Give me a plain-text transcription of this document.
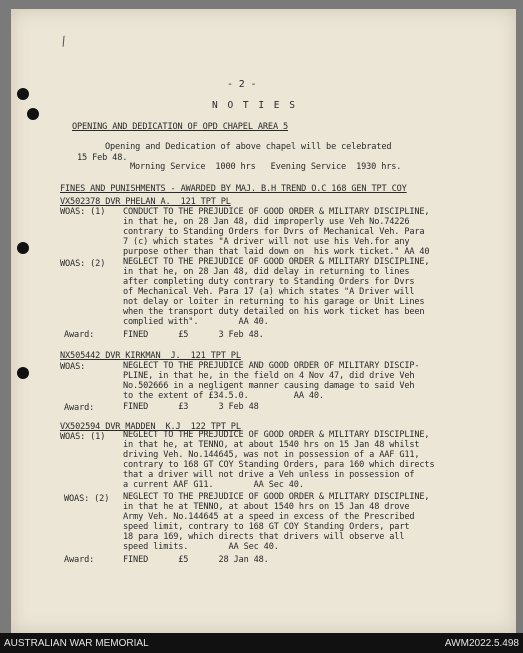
/
- 2 -
N O T I E S
OPENING AND DEDICATION OF OPD CHAPEL AREA 5
Opening and Dedication of above chapel will be celebrated
15 Feb 48.
Morning Service  1000 hrs   Evening Service  1930 hrs.
FINES AND PUNISHMENTS - AWARDED BY MAJ. B.H TREND O.C 168 GEN TPT COY
VX502378 DVR PHELAN A.  121 TPT PL
WOAS: (1) CONDUCT TO THE PREJUDICE OF GOOD ORDER & MILITARY DISCIPLINE,
in that he, on 28 Jan 48, did improperly use Veh No.74226
contrary to Standing Orders for Dvrs of Mechanical Veh. Para
7 (c) which states "A driver will not use his Veh.for any
purpose other than that laid down on  his work ticket." AA 40
WOAS: (2) NEGLECT TO THE PREJUDICE OF GOOD ORDER & MILITARY DISCIPLINE,
in that he, on 28 Jan 48, did delay in returning to lines
after completing duty contrary to Standing Orders for Dvrs
of Mechanical Veh. Para 17 (a) which states "A Driver will
not delay or loiter in returning to his garage or Unit Lines
when the transport duty detailed on his work ticket has been
complied with".        AA 40.
Award:	FINED      £5      3 Feb 48.
NX505442 DVR KIRKMAN  J.  121 TPT PL
WOAS:	NEGLECT TO THE PREJUDICE AND GOOD ORDER OF MILITARY DISCIP-
PLINE, in that he, in the field on 4 Nov 47, did drive Veh
No.502666 in a negligent manner causing damage to said Veh
to the extent of £34.5.0.         AA 40.
Award:	FINED      £3      3 Feb 48
VX502594 DVR MADDEN  K.J  122 TPT PL
WOAS: (1) NEGLECT TO THE PREJUDICE OF GOOD ORDER & MILITARY DISCIPLINE,
in that he, at TENNO, at about 1540 hrs on 15 Jan 48 whilst
driving Veh. No.144645, was not in possession of a AAF G11,
contrary to 168 GT COY Standing Orders, para 160 which directs
that a driver will not drive a Veh unless in possession of
a current AAF G11.        AA Sec 40.
WOAS: (2) NEGLECT TO THE PREJUDICE OF GOOD ORDER & MILITARY DISCIPLINE,
in that he at TENNO, at about 1540 hrs on 15 Jan 48 drove
Army Veh. No.144645 at a speed in excess of the Prescribed
speed limit, contrary to 168 GT COY Standing Orders, part
18 para 169, which directs that drivers will observe all
speed limits.        AA Sec 40.
Award:	FINED      £5      28 Jan 48.
AUSTRALIAN WAR MEMORIAL	AWM2022.5.498
